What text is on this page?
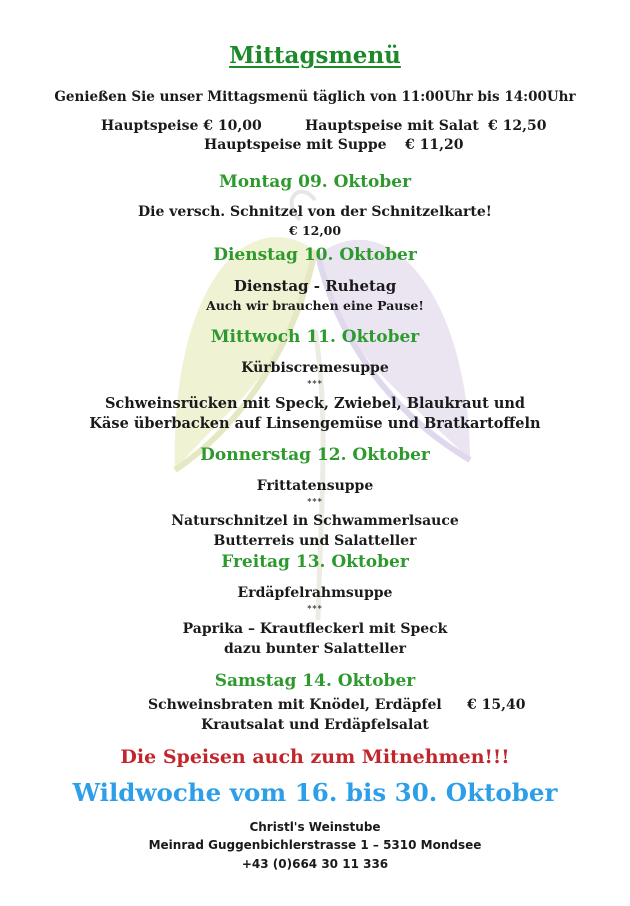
Mittagsmenü
Genießen Sie unser Mittagsmenü täglich von 11:00Uhr bis 14:00Uhr
Hauptspeise € 10,00	Hauptspeise mit Salat € 12,50
Hauptspeise mit Suppe € 11,20
Montag 09. Oktober
Die versch. Schnitzel von der Schnitzelkarte!
€ 12,00
Dienstag 10. Oktober
Dienstag - Ruhetag
Auch wir brauchen eine Pause!
Mittwoch 11. Oktober
Kürbiscremesuppe
***
Schweinsrücken mit Speck, Zwiebel, Blaukraut und
Käse überbacken auf Linsengemüse und Bratkartoffeln
Donnerstag 12. Oktober
Frittatensuppe
***
Naturschnitzel in Schwammerlsauce
Butterreis und Salatteller
Freitag 13. Oktober
Erdäpfelrahmsuppe
***
Paprika – Krautfleckerl mit Speck
dazu bunter Salatteller
Samstag 14. Oktober
Schweinsbraten mit Knödel, Erdäpfel € 15,40
Krautsalat und Erdäpfelsalat
Die Speisen auch zum Mitnehmen!!!
Wildwoche vom 16. bis 30. Oktober
Christl's Weinstube
Meinrad Guggenbichlerstrasse 1 – 5310 Mondsee
+43 (0)664 30 11 336
